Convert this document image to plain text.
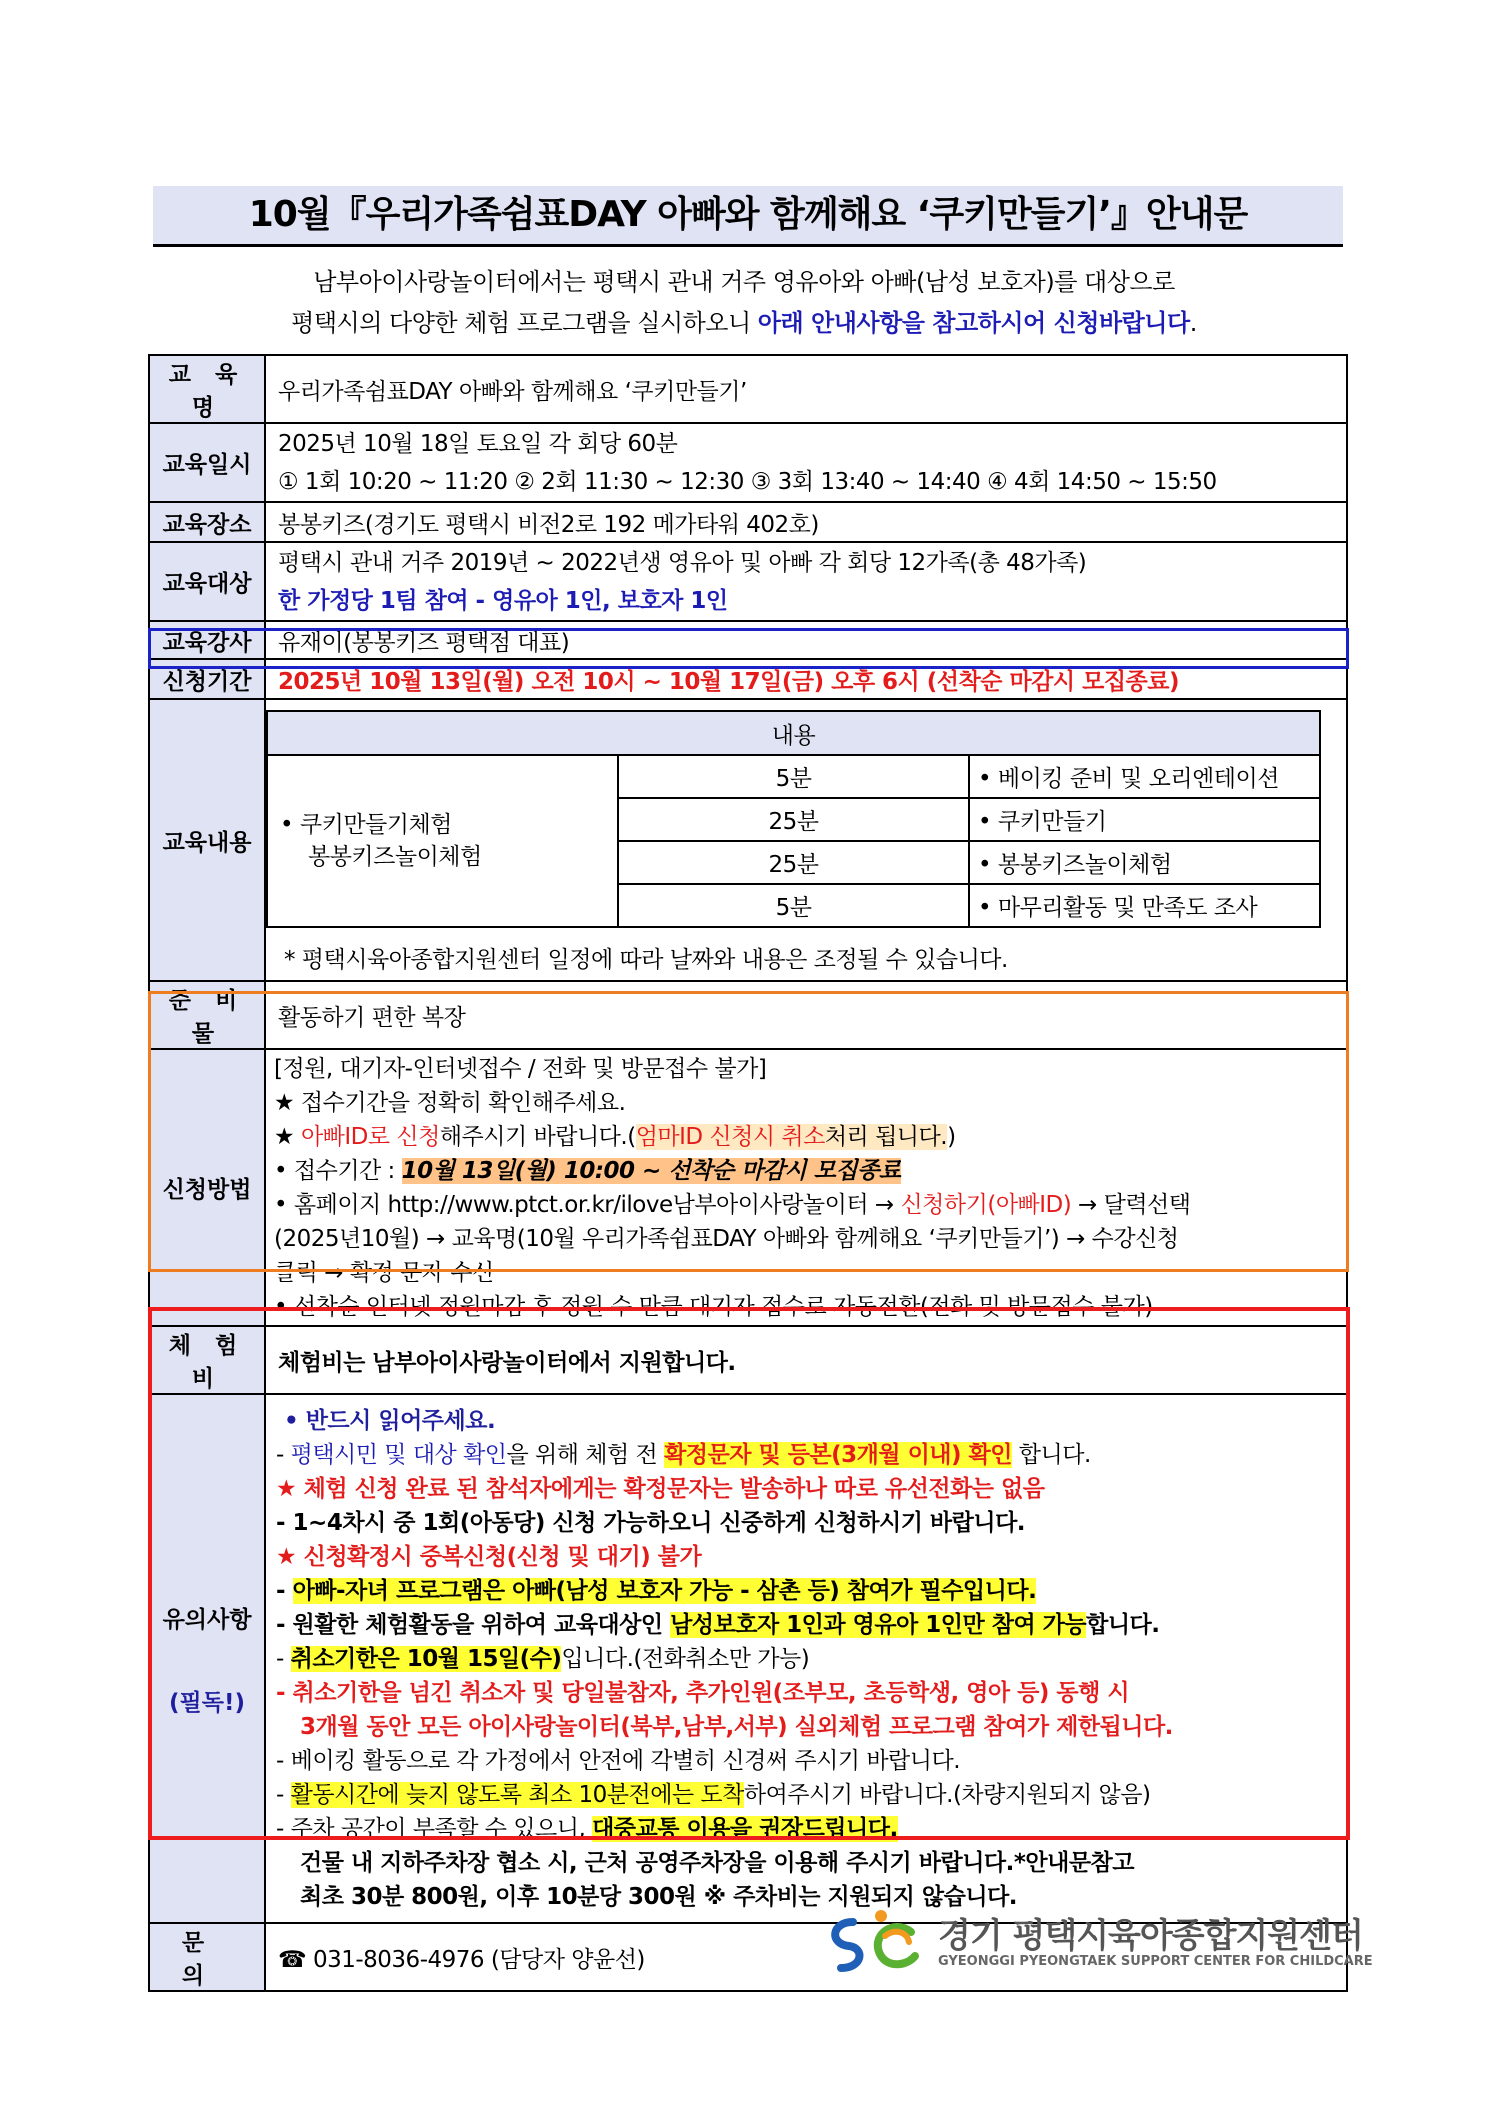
10월『우리가족쉼표DAY 아빠와 함께해요 ‘쿠키만들기’』안내문
남부아이사랑놀이터에서는 평택시 관내 거주 영유아와 아빠(남성 보호자)를 대상으로
평택시의 다양한 체험 프로그램을 실시하오니 아래 안내사항을 참고하시어 신청바랍니다.
교 육 명	우리가족쉼표DAY 아빠와 함께해요 ‘쿠키만들기’
교육일시	
2025년 10월 18일 토요일 각 회당 60분
① 1회 10:20 ~ 11:20 ② 2회 11:30 ~ 12:30 ③ 3회 13:40 ~ 14:40 ④ 4회 14:50 ~ 15:50

교육장소	봉봉키즈(경기도 평택시 비전2로 192 메가타워 402호)
교육대상	
평택시 관내 거주 2019년 ~ 2022년생 영유아 및 아빠 각 회당 12가족(총 48가족)
한 가정당 1팀 참여 - 영유아 1인, 보호자 1인

교육강사	유재이(봉봉키즈 평택점 대표)
신청기간	2025년 10월 13일(월) 오전 10시 ~ 10월 17일(금) 오후 6시 (선착순 마감시 모집종료)
교육내용	
내용

• 쿠키만들기체험
봉봉키즈놀이체험
	5분	• 베이킹 준비 및 오리엔테이션
25분	• 쿠키만들기
25분	• 봉봉키즈놀이체험
5분	• 마무리활동 및 만족도 조사
* 평택시육아종합지원센터 일정에 따라 날짜와 내용은 조정될 수 있습니다.

준 비 물	활동하기 편한 복장
신청방법	
[정원, 대기자-인터넷접수 / 전화 및 방문접수 불가]
★ 접수기간을 정확히 확인해주세요.
★ 아빠ID로 신청해주시기 바랍니다.(엄마ID 신청시 취소처리 됩니다.)
• 접수기간 : 10월 13일(월) 10:00 ~ 선착순 마감시 모집종료
• 홈페이지 http://www.ptct.or.kr/ilove남부아이사랑놀이터 → 신청하기(아빠ID) → 달력선택
(2025년10월) → 교육명(10월 우리가족쉼표DAY 아빠와 함께해요 ‘쿠키만들기’) → 수강신청
클릭 → 확정 문자 수신
• 선착순 인터넷 정원마감 후 정원 수 만큼 대기자 접수로 자동전환(전화 및 방문접수 불가)

체 험 비	체험비는 남부아이사랑놀이터에서 지원합니다.

유의사항
(필독!)

• 반드시 읽어주세요.
- 평택시민 및 대상 확인을 위해 체험 전 확정문자 및 등본(3개월 이내) 확인 합니다.
★ 체험 신청 완료 된 참석자에게는 확정문자는 발송하나 따로 유선전화는 없음
- 1~4차시 중 1회(아동당) 신청 가능하오니 신중하게 신청하시기 바랍니다.
★ 신청확정시 중복신청(신청 및 대기) 불가
- 아빠-자녀 프로그램은 아빠(남성 보호자 가능 - 삼촌 등) 참여가 필수입니다.
- 원활한 체험활동을 위하여 교육대상인 남성보호자 1인과 영유아 1인만 참여 가능합니다.
- 취소기한은 10월 15일(수)입니다.(전화취소만 가능)
- 취소기한을 넘긴 취소자 및 당일불참자, 추가인원(조부모, 초등학생, 영아 등) 동행 시
3개월 동안 모든 아이사랑놀이터(북부,남부,서부) 실외체험 프로그램 참여가 제한됩니다.
- 베이킹 활동으로 각 가정에서 안전에 각별히 신경써 주시기 바랍니다.
- 활동시간에 늦지 않도록 최소 10분전에는 도착하여주시기 바랍니다.(차량지원되지 않음)
- 주차 공간이 부족할 수 있으니, 대중교통 이용을 권장드립니다.
건물 내 지하주차장 협소 시, 근처 공영주차장을 이용해 주시기 바랍니다.*안내문참고
최초 30분 800원, 이후 10분당 300원 ※ 주차비는 지원되지 않습니다.

문 의	☎ 031-8036-4976 (담당자 양윤선)
경기 평택시육아종합지원센터
GYEONGGI PYEONGTAEK SUPPORT CENTER FOR CHILDCARE
